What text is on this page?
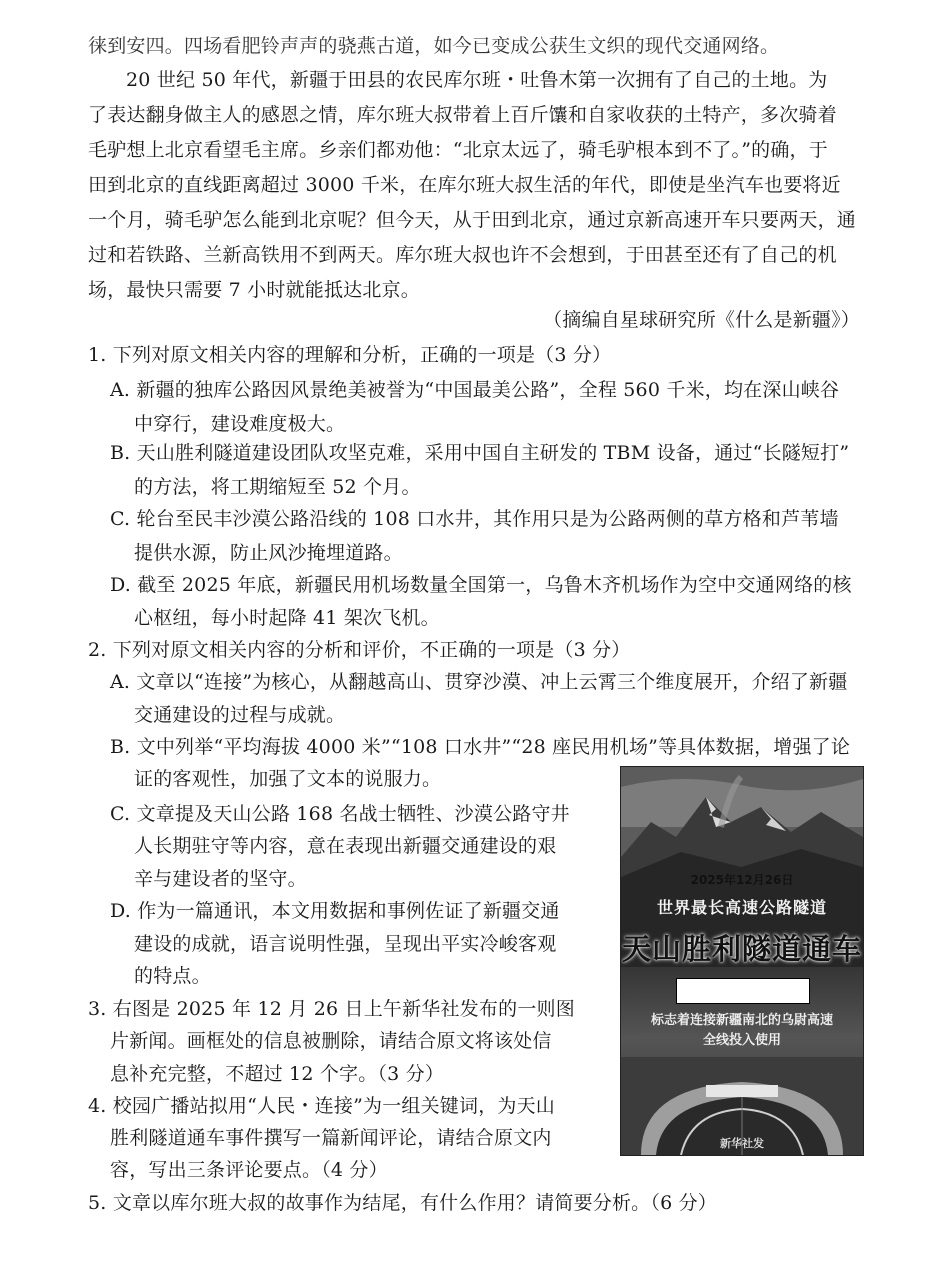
徕到安四。四场看肥铃声声的骁燕古道，如今已变成公获生文织的现代交通网络。
20 世纪 50 年代，新疆于田县的农民库尔班・吐鲁木第一次拥有了自己的土地。为
了表达翻身做主人的感恩之情，库尔班大叔带着上百斤馕和自家收获的土特产，多次骑着
毛驴想上北京看望毛主席。乡亲们都劝他：“北京太远了，骑毛驴根本到不了。”的确，于
田到北京的直线距离超过 3000 千米，在库尔班大叔生活的年代，即使是坐汽车也要将近
一个月，骑毛驴怎么能到北京呢？但今天，从于田到北京，通过京新高速开车只要两天，通
过和若铁路、兰新高铁用不到两天。库尔班大叔也许不会想到，于田甚至还有了自己的机
场，最快只需要 7 小时就能抵达北京。
（摘编自星球研究所《什么是新疆》）
1. 下列对原文相关内容的理解和分析，正确的一项是（3 分）
A. 新疆的独库公路因风景绝美被誉为“中国最美公路”，全程 560 千米，均在深山峡谷
中穿行，建设难度极大。
B. 天山胜利隧道建设团队攻坚克难，采用中国自主研发的 TBM 设备，通过“长隧短打”
的方法，将工期缩短至 52 个月。
C. 轮台至民丰沙漠公路沿线的 108 口水井，其作用只是为公路两侧的草方格和芦苇墙
提供水源，防止风沙掩埋道路。
D. 截至 2025 年底，新疆民用机场数量全国第一，乌鲁木齐机场作为空中交通网络的核
心枢纽，每小时起降 41 架次飞机。
2. 下列对原文相关内容的分析和评价，不正确的一项是（3 分）
A. 文章以“连接”为核心，从翻越高山、贯穿沙漠、冲上云霄三个维度展开，介绍了新疆
交通建设的过程与成就。
B. 文中列举“平均海拔 4000 米”“108 口水井”“28 座民用机场”等具体数据，增强了论
证的客观性，加强了文本的说服力。
C. 文章提及天山公路 168 名战士牺牲、沙漠公路守井
人长期驻守等内容，意在表现出新疆交通建设的艰
辛与建设者的坚守。
D. 作为一篇通讯，本文用数据和事例佐证了新疆交通
建设的成就，语言说明性强，呈现出平实冷峻客观
的特点。
3. 右图是 2025 年 12 月 26 日上午新华社发布的一则图
片新闻。画框处的信息被删除，请结合原文将该处信
息补充完整，不超过 12 个字。（3 分）
4. 校园广播站拟用“人民・连接”为一组关键词，为天山
胜利隧道通车事件撰写一篇新闻评论，请结合原文内
容，写出三条评论要点。（4 分）
5. 文章以库尔班大叔的故事作为结尾，有什么作用？请简要分析。（6 分）
2025年12月26日
世界最长高速公路隧道
天山胜利隧道通车
标志着连接新疆南北的乌尉高速
全线投入使用
新华社发
